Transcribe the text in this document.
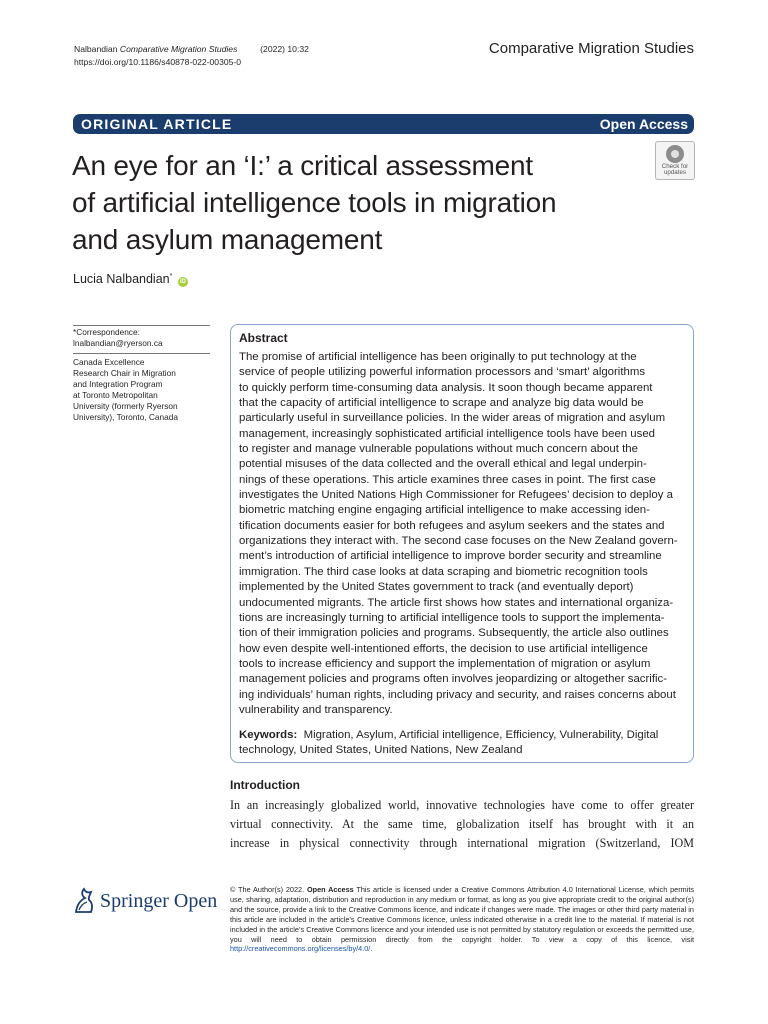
Nalbandian Comparative Migration Studies	(2022) 10:32
https://doi.org/10.1186/s40878-022-00305-0
Comparative Migration Studies
ORIGINAL ARTICLE	Open Access
An eye for an ‘I:’ a critical assessment
of artificial intelligence tools in migration
and asylum management
Check for
updates
Lucia Nalbandian* iD
*Correspondence:
lnalbandian@ryerson.ca
Canada Excellence
Research Chair in Migration
and Integration Program
at Toronto Metropolitan
University (formerly Ryerson
University), Toronto, Canada
Abstract
The promise of artificial intelligence has been originally to put technology at the
service of people utilizing powerful information processors and ‘smart’ algorithms
to quickly perform time-consuming data analysis. It soon though became apparent
that the capacity of artificial intelligence to scrape and analyze big data would be
particularly useful in surveillance policies. In the wider areas of migration and asylum
management, increasingly sophisticated artificial intelligence tools have been used
to register and manage vulnerable populations without much concern about the
potential misuses of the data collected and the overall ethical and legal underpin-
nings of these operations. This article examines three cases in point. The first case
investigates the United Nations High Commissioner for Refugees’ decision to deploy a
biometric matching engine engaging artificial intelligence to make accessing iden-
tification documents easier for both refugees and asylum seekers and the states and
organizations they interact with. The second case focuses on the New Zealand govern-
ment’s introduction of artificial intelligence to improve border security and streamline
immigration. The third case looks at data scraping and biometric recognition tools
implemented by the United States government to track (and eventually deport)
undocumented migrants. The article first shows how states and international organiza-
tions are increasingly turning to artificial intelligence tools to support the implementa-
tion of their immigration policies and programs. Subsequently, the article also outlines
how even despite well-intentioned efforts, the decision to use artificial intelligence
tools to increase efficiency and support the implementation of migration or asylum
management policies and programs often involves jeopardizing or altogether sacrific-
ing individuals’ human rights, including privacy and security, and raises concerns about
vulnerability and transparency.
Keywords: Migration, Asylum, Artificial intelligence, Efficiency, Vulnerability, Digital
technology, United States, United Nations, New Zealand
Introduction
In an increasingly globalized world, innovative technologies have come to offer greater
virtual connectivity. At the same time, globalization itself has brought with it an
increase in physical connectivity through international migration (Switzerland, IOM
Springer Open
© The Author(s) 2022. Open Access This article is licensed under a Creative Commons Attribution 4.0 International License, which permits use, sharing, adaptation, distribution and reproduction in any medium or format, as long as you give appropriate credit to the original author(s) and the source, provide a link to the Creative Commons licence, and indicate if changes were made. The images or other third party material in this article are included in the article’s Creative Commons licence, unless indicated otherwise in a credit line to the material. If material is not included in the article’s Creative Commons licence and your intended use is not permitted by statutory regulation or exceeds the permitted use, you will need to obtain permission directly from the copyright holder. To view a copy of this licence, visit http://creativecommons.org/licenses/by/4.0/.
